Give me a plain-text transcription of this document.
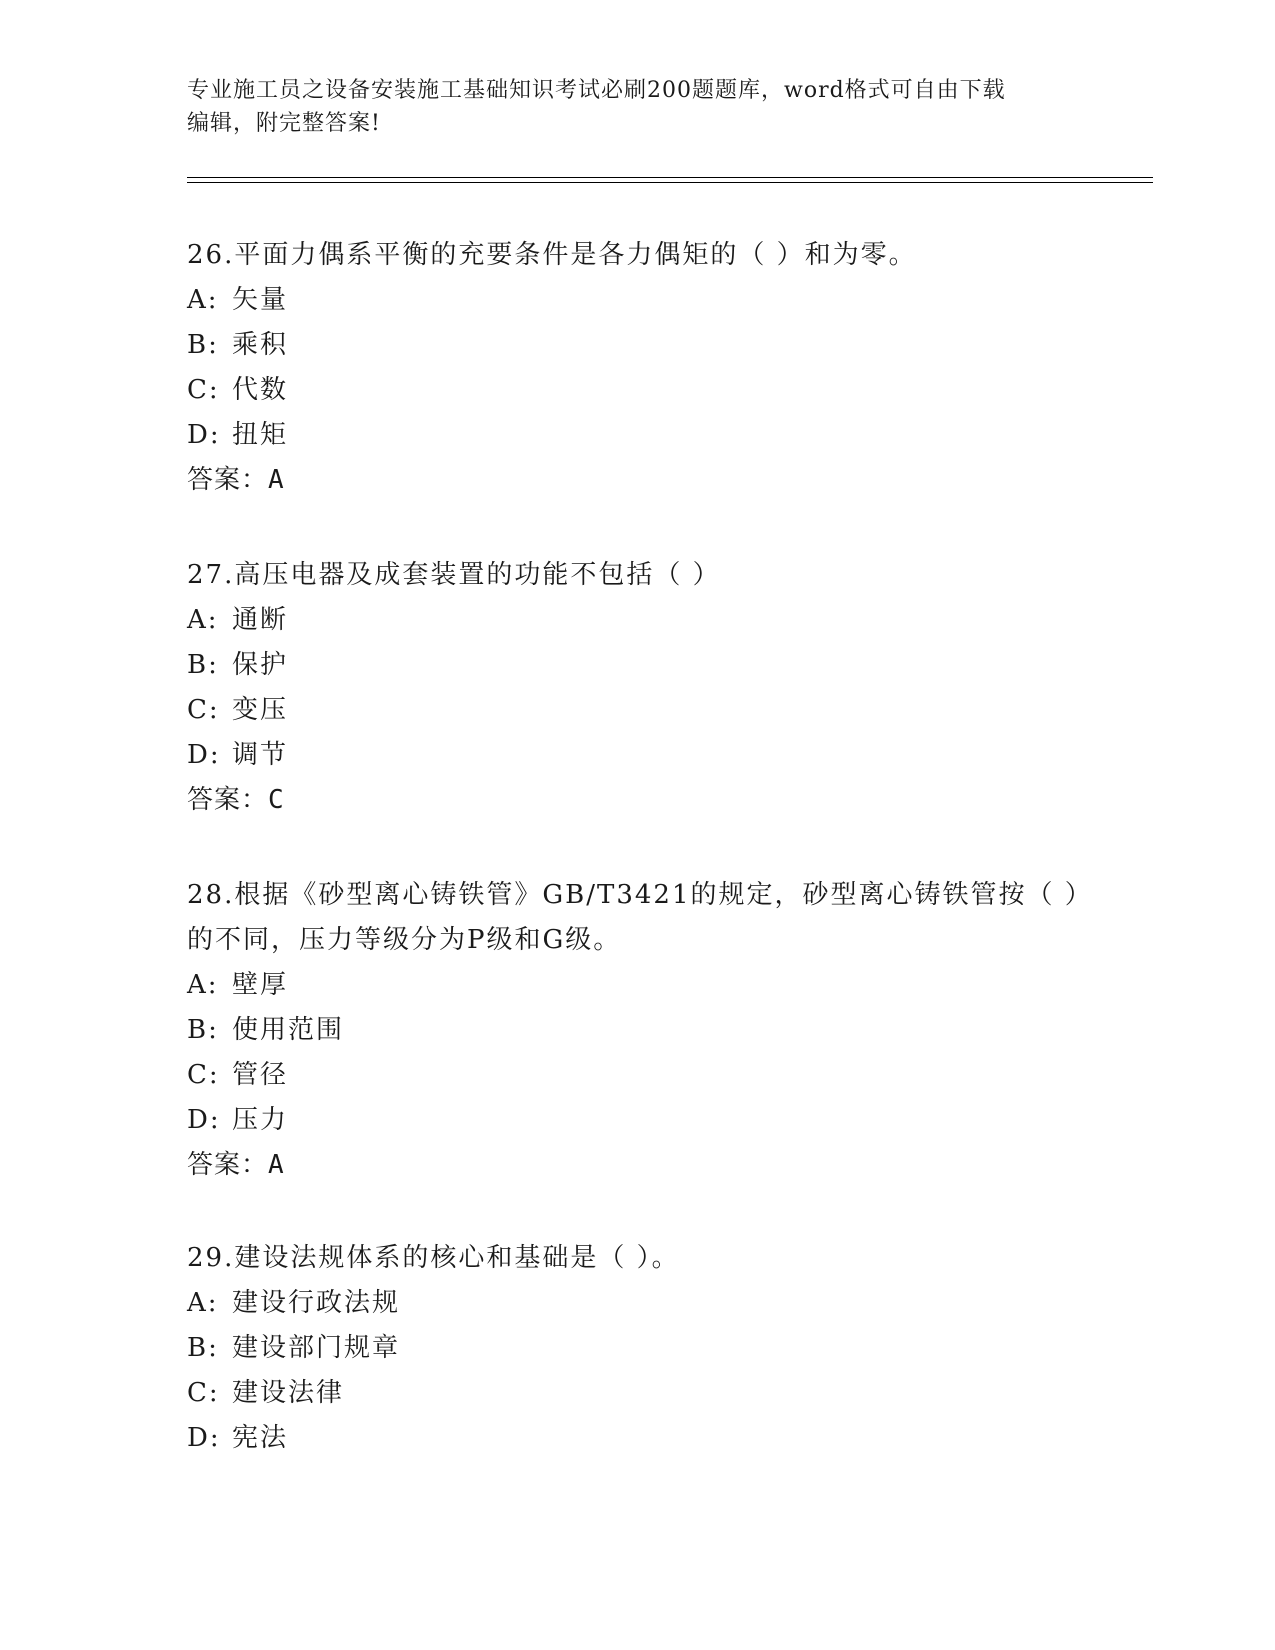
专业施工员之设备安装施工基础知识考试必刷200题题库，word格式可自由下载
编辑，附完整答案!
26.平面力偶系平衡的充要条件是各力偶矩的（ ）和为零。
A: 矢量
B: 乘积
C: 代数
D: 扭矩
答案：A
27.高压电器及成套装置的功能不包括（ ）
A: 通断
B: 保护
C: 变压
D: 调节
答案：C
28.根据《砂型离心铸铁管》GB/T3421的规定，砂型离心铸铁管按（ ）的不同，压力等级分为P级和G级。
A: 壁厚
B: 使用范围
C: 管径
D: 压力
答案：A
29.建设法规体系的核心和基础是（ ）。
A: 建设行政法规
B: 建设部门规章
C: 建设法律
D: 宪法
